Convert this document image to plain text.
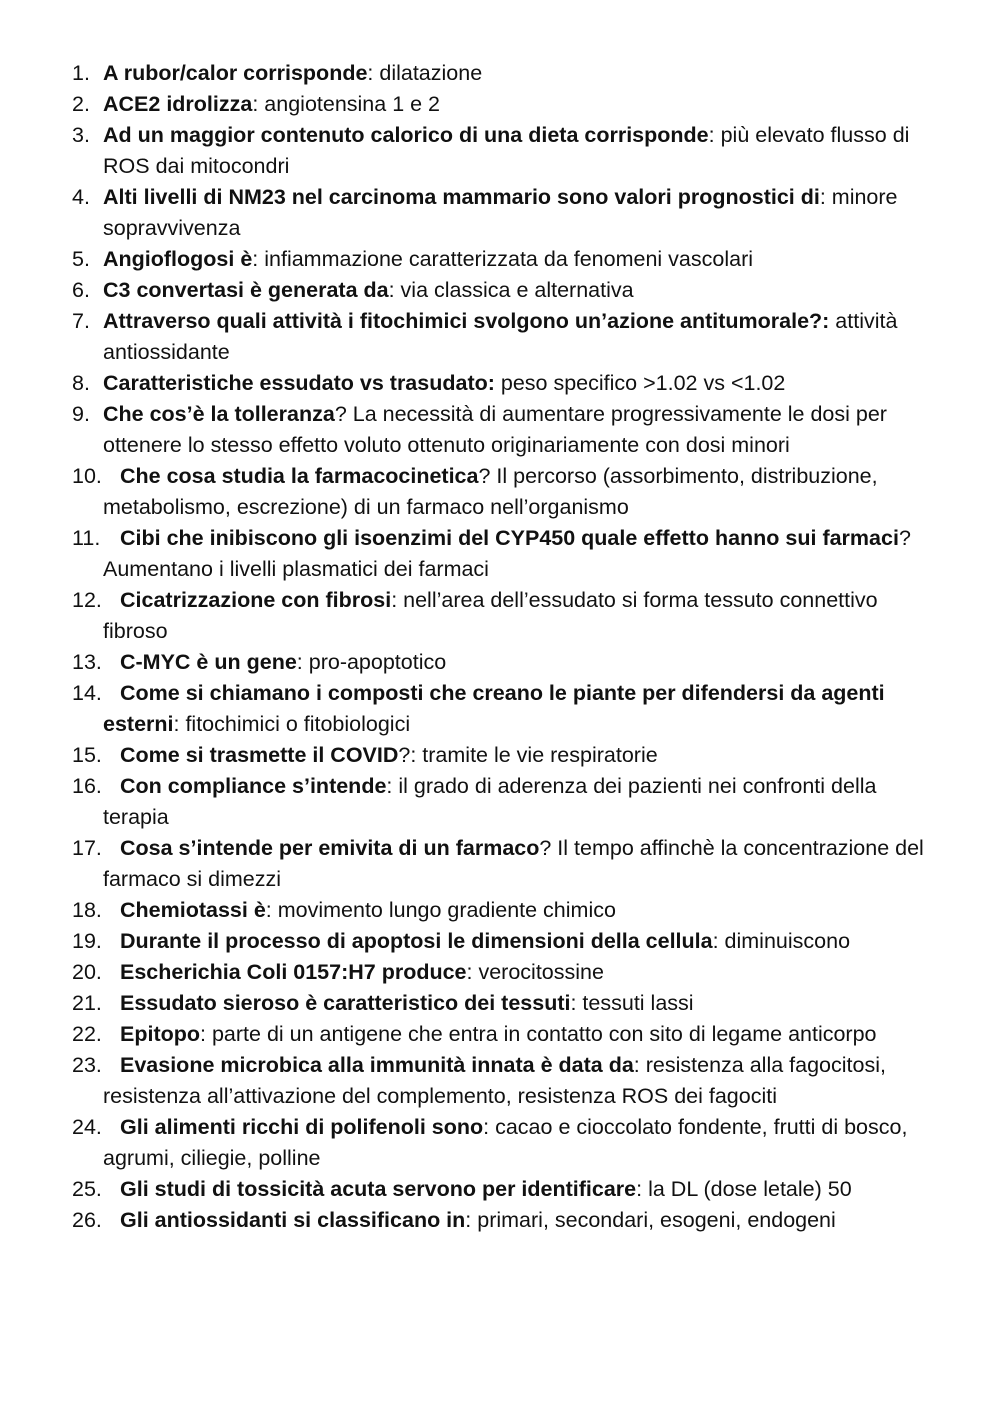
1. A rubor/calor corrisponde: dilatazione
2. ACE2 idrolizza: angiotensina 1 e 2
3. Ad un maggior contenuto calorico di una dieta corrisponde: più elevato flusso di ROS dai mitocondri
4. Alti livelli di NM23 nel carcinoma mammario sono valori prognostici di: minore sopravvivenza
5. Angioflogosi è: infiammazione caratterizzata da fenomeni vascolari
6. C3 convertasi è generata da: via classica e alternativa
7. Attraverso quali attività i fitochimici svolgono un’azione antitumorale?: attività antiossidante
8. Caratteristiche essudato vs trasudato: peso specifico >1.02 vs <1.02
9. Che cos’è la tolleranza? La necessità di aumentare progressivamente le dosi per ottenere lo stesso effetto voluto ottenuto originariamente con dosi minori
10. Che cosa studia la farmacocinetica? Il percorso (assorbimento, distribuzione, metabolismo, escrezione) di un farmaco nell’organismo
11. Cibi che inibiscono gli isoenzimi del CYP450 quale effetto hanno sui farmaci? Aumentano i livelli plasmatici dei farmaci
12. Cicatrizzazione con fibrosi: nell’area dell’essudato si forma tessuto connettivo fibroso
13. C-MYC è un gene: pro-apoptotico
14. Come si chiamano i composti che creano le piante per difendersi da agenti esterni: fitochimici o fitobiologici
15. Come si trasmette il COVID?: tramite le vie respiratorie
16. Con compliance s’intende: il grado di aderenza dei pazienti nei confronti della terapia
17. Cosa s’intende per emivita di un farmaco? Il tempo affinchè la concentrazione del farmaco si dimezzi
18. Chemiotassi è: movimento lungo gradiente chimico
19. Durante il processo di apoptosi le dimensioni della cellula: diminuiscono
20. Escherichia Coli 0157:H7 produce: verocitossine
21. Essudato sieroso è caratteristico dei tessuti: tessuti lassi
22. Epitopo: parte di un antigene che entra in contatto con sito di legame anticorpo
23. Evasione microbica alla immunità innata è data da: resistenza alla fagocitosi, resistenza all’attivazione del complemento, resistenza ROS dei fagociti
24. Gli alimenti ricchi di polifenoli sono: cacao e cioccolato fondente, frutti di bosco, agrumi, ciliegie, polline
25. Gli studi di tossicità acuta servono per identificare: la DL (dose letale) 50
26. Gli antiossidanti si classificano in: primari, secondari, esogeni, endogeni
